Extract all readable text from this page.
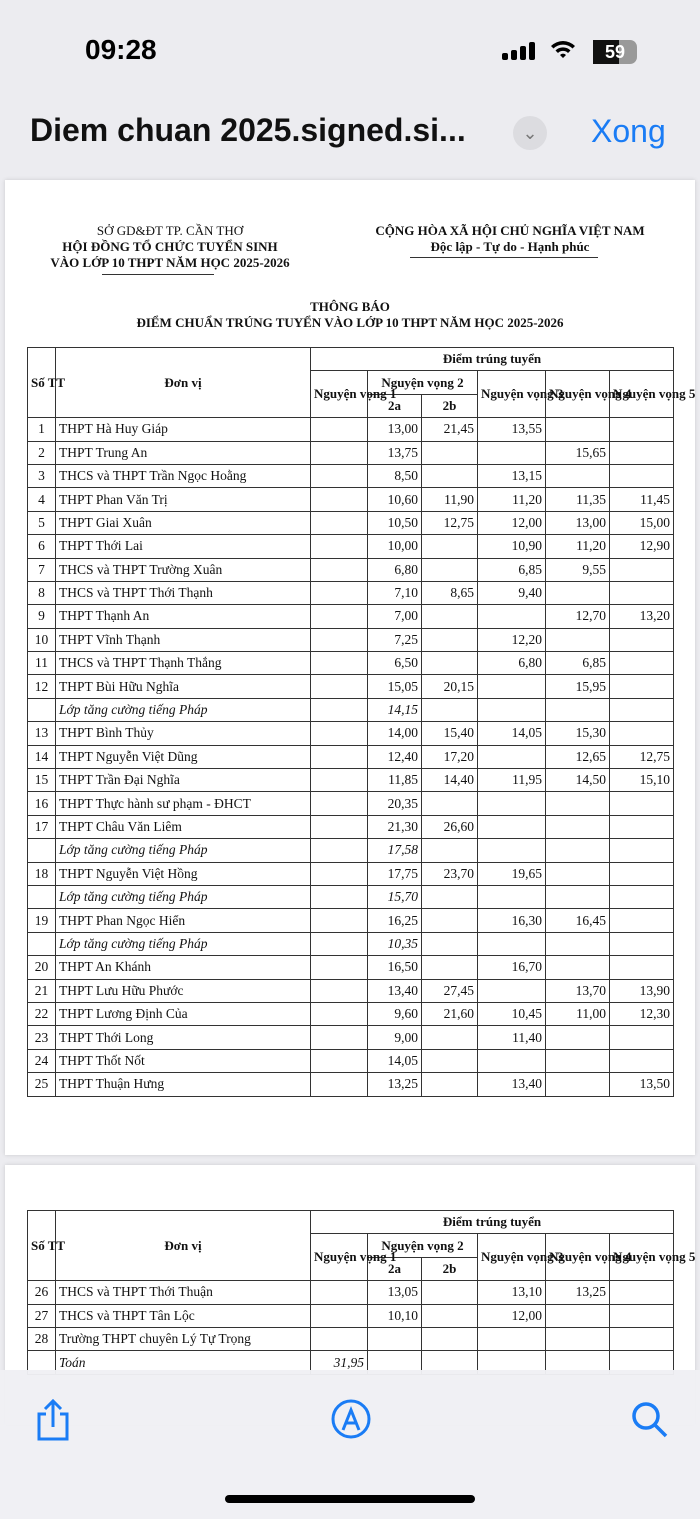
09:28	59
Diem chuan 2025.signed.si...	⌄ Xong
SỞ GD&ĐT TP. CẦN THƠ
HỘI ĐỒNG TỔ CHỨC TUYỂN SINH
VÀO LỚP 10 THPT NĂM HỌC 2025-2026
CỘNG HÒA XÃ HỘI CHỦ NGHĨA VIỆT NAM
Độc lập - Tự do - Hạnh phúc
THÔNG BÁO
ĐIỂM CHUẨN TRÚNG TUYỂN VÀO LỚP 10 THPT NĂM HỌC 2025-2026
Số TT	Đơn vị	Điểm trúng tuyển					
		Nguyện vọng 1	Nguyện vọng 2		Nguyện vọng 3	Nguyện vọng 4	Nguyện vọng 5
			2a	2b			
1	THPT Hà Huy Giáp		13,00	21,45	13,55		
2	THPT Trung An		13,75			15,65	
3	THCS và THPT Trần Ngọc Hoằng		8,50		13,15		
4	THPT Phan Văn Trị		10,60	11,90	11,20	11,35	11,45
5	THPT Giai Xuân		10,50	12,75	12,00	13,00	15,00
6	THPT Thới Lai		10,00		10,90	11,20	12,90
7	THCS và THPT Trường Xuân		6,80		6,85	9,55	
8	THCS và THPT Thới Thạnh		7,10	8,65	9,40		
9	THPT Thạnh An		7,00			12,70	13,20
10	THPT Vĩnh Thạnh		7,25		12,20		
11	THCS và THPT Thạnh Thắng		6,50		6,80	6,85	
12	THPT Bùi Hữu Nghĩa		15,05	20,15		15,95	
	Lớp tăng cường tiếng Pháp		14,15				
13	THPT Bình Thủy		14,00	15,40	14,05	15,30	
14	THPT Nguyễn Việt Dũng		12,40	17,20		12,65	12,75
15	THPT Trần Đại Nghĩa		11,85	14,40	11,95	14,50	15,10
16	THPT Thực hành sư phạm - ĐHCT		20,35				
17	THPT Châu Văn Liêm		21,30	26,60			
	Lớp tăng cường tiếng Pháp		17,58				
18	THPT Nguyễn Việt Hồng		17,75	23,70	19,65		
	Lớp tăng cường tiếng Pháp		15,70				
19	THPT Phan Ngọc Hiển		16,25		16,30	16,45	
	Lớp tăng cường tiếng Pháp		10,35				
20	THPT An Khánh		16,50		16,70		
21	THPT Lưu Hữu Phước		13,40	27,45		13,70	13,90
22	THPT Lương Định Của		9,60	21,60	10,45	11,00	12,30
23	THPT Thới Long		9,00		11,40		
24	THPT Thốt Nốt		14,05				
25	THPT Thuận Hưng		13,25		13,40		13,50
Số TT	Đơn vị	Điểm trúng tuyển					
		Nguyện vọng 1	Nguyện vọng 2		Nguyện vọng 3	Nguyện vọng 4	Nguyện vọng 5
			2a	2b			
26	THCS và THPT Thới Thuận		13,05		13,10	13,25	
27	THCS và THPT Tân Lộc		10,10		12,00		
28	Trường THPT chuyên Lý Tự Trọng						
	Toán	31,95					
